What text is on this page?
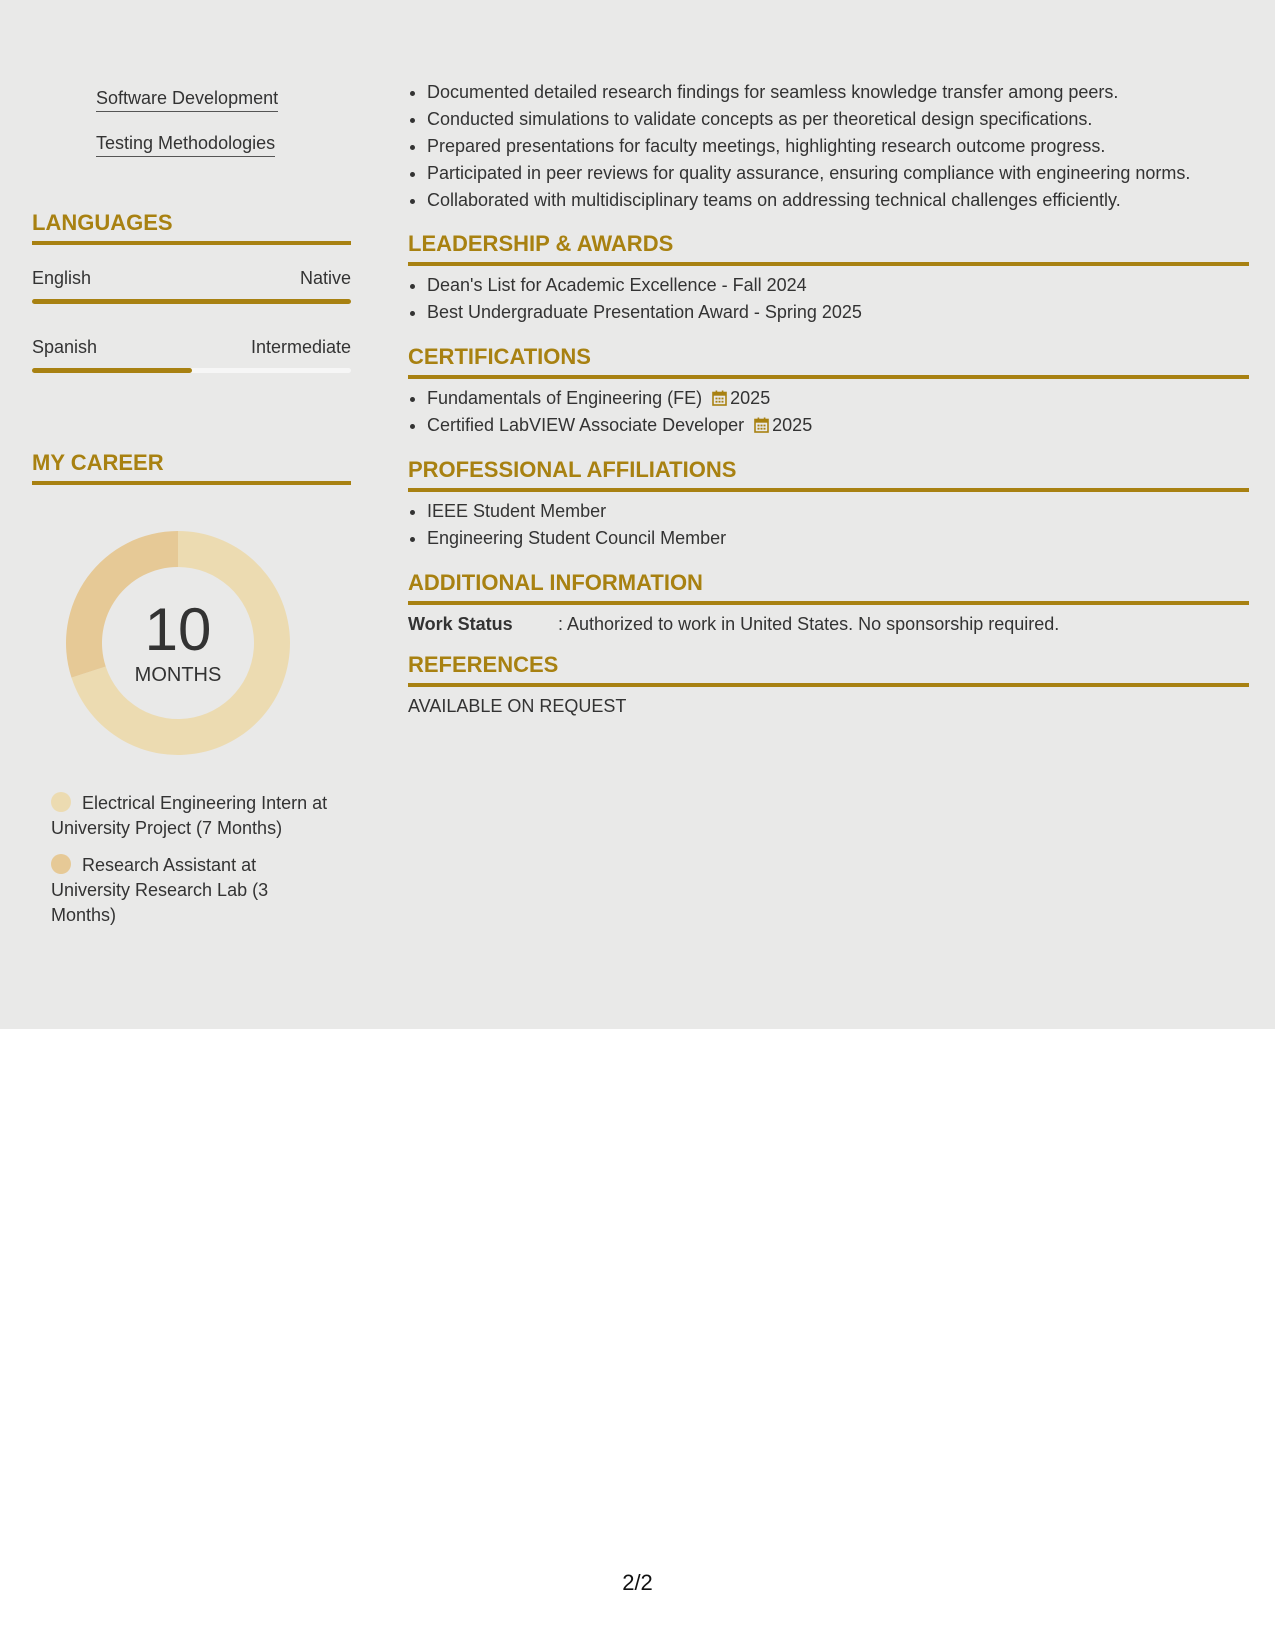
Software Development
Testing Methodologies
LANGUAGES
English	Native
Spanish	Intermediate
MY CAREER
10
MONTHS
Electrical Engineering Intern at University Project (7 Months)
Research Assistant at University Research Lab (3 Months)
• Documented detailed research findings for seamless knowledge transfer among peers.
• Conducted simulations to validate concepts as per theoretical design specifications.
• Prepared presentations for faculty meetings, highlighting research outcome progress.
• Participated in peer reviews for quality assurance, ensuring compliance with engineering norms.
• Collaborated with multidisciplinary teams on addressing technical challenges efficiently.
LEADERSHIP & AWARDS
• Dean's List for Academic Excellence - Fall 2024
• Best Undergraduate Presentation Award - Spring 2025
CERTIFICATIONS
• Fundamentals of Engineering (FE) 2025
• Certified LabVIEW Associate Developer 2025
PROFESSIONAL AFFILIATIONS
• IEEE Student Member
• Engineering Student Council Member
ADDITIONAL INFORMATION
Work Status	: Authorized to work in United States. No sponsorship required.
REFERENCES
AVAILABLE ON REQUEST
2/2
